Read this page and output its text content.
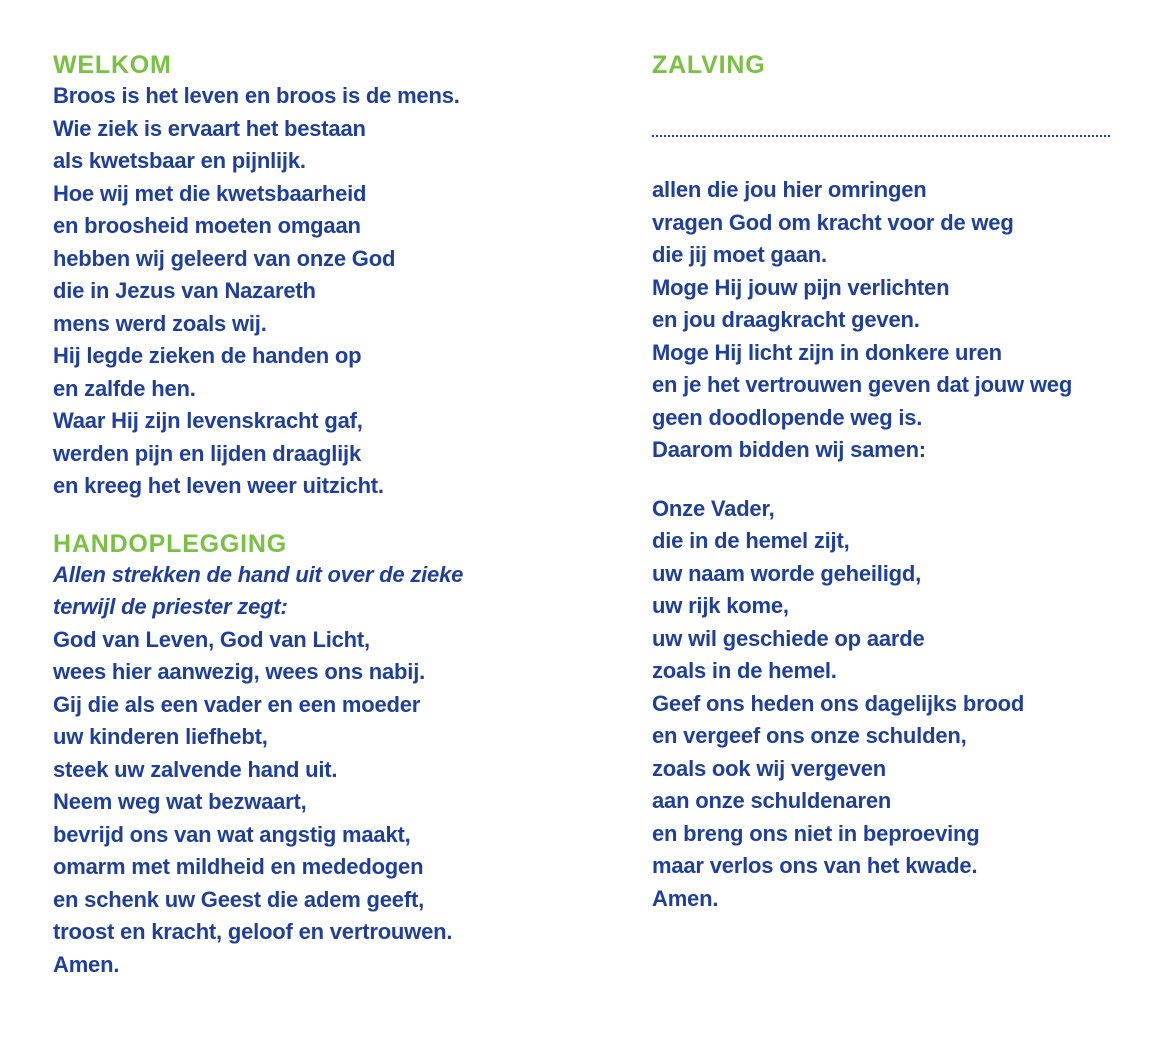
WELKOM
Broos is het leven en broos is de mens.
Wie ziek is ervaart het bestaan
als kwetsbaar en pijnlijk.
Hoe wij met die kwetsbaarheid
en broosheid moeten omgaan
hebben wij geleerd van onze God
die in Jezus van Nazareth
mens werd zoals wij.
Hij legde zieken de handen op
en zalfde hen.
Waar Hij zijn levenskracht gaf,
werden pijn en lijden draaglijk
en kreeg het leven weer uitzicht.
HANDOPLEGGING
Allen strekken de hand uit over de zieke
terwijl de priester zegt:
God van Leven, God van Licht,
wees hier aanwezig, wees ons nabij.
Gij die als een vader en een moeder
uw kinderen liefhebt,
steek uw zalvende hand uit.
Neem weg wat bezwaart,
bevrijd ons van wat angstig maakt,
omarm met mildheid en mededogen
en schenk uw Geest die adem geeft,
troost en kracht, geloof en vertrouwen.
Amen.
ZALVING
allen die jou hier omringen
vragen God om kracht voor de weg
die jij moet gaan.
Moge Hij jouw pijn verlichten
en jou draagkracht geven.
Moge Hij licht zijn in donkere uren
en je het vertrouwen geven dat jouw weg
geen doodlopende weg is.
Daarom bidden wij samen:
Onze Vader,
die in de hemel zijt,
uw naam worde geheiligd,
uw rijk kome,
uw wil geschiede op aarde
zoals in de hemel.
Geef ons heden ons dagelijks brood
en vergeef ons onze schulden,
zoals ook wij vergeven
aan onze schuldenaren
en breng ons niet in beproeving
maar verlos ons van het kwade.
Amen.
